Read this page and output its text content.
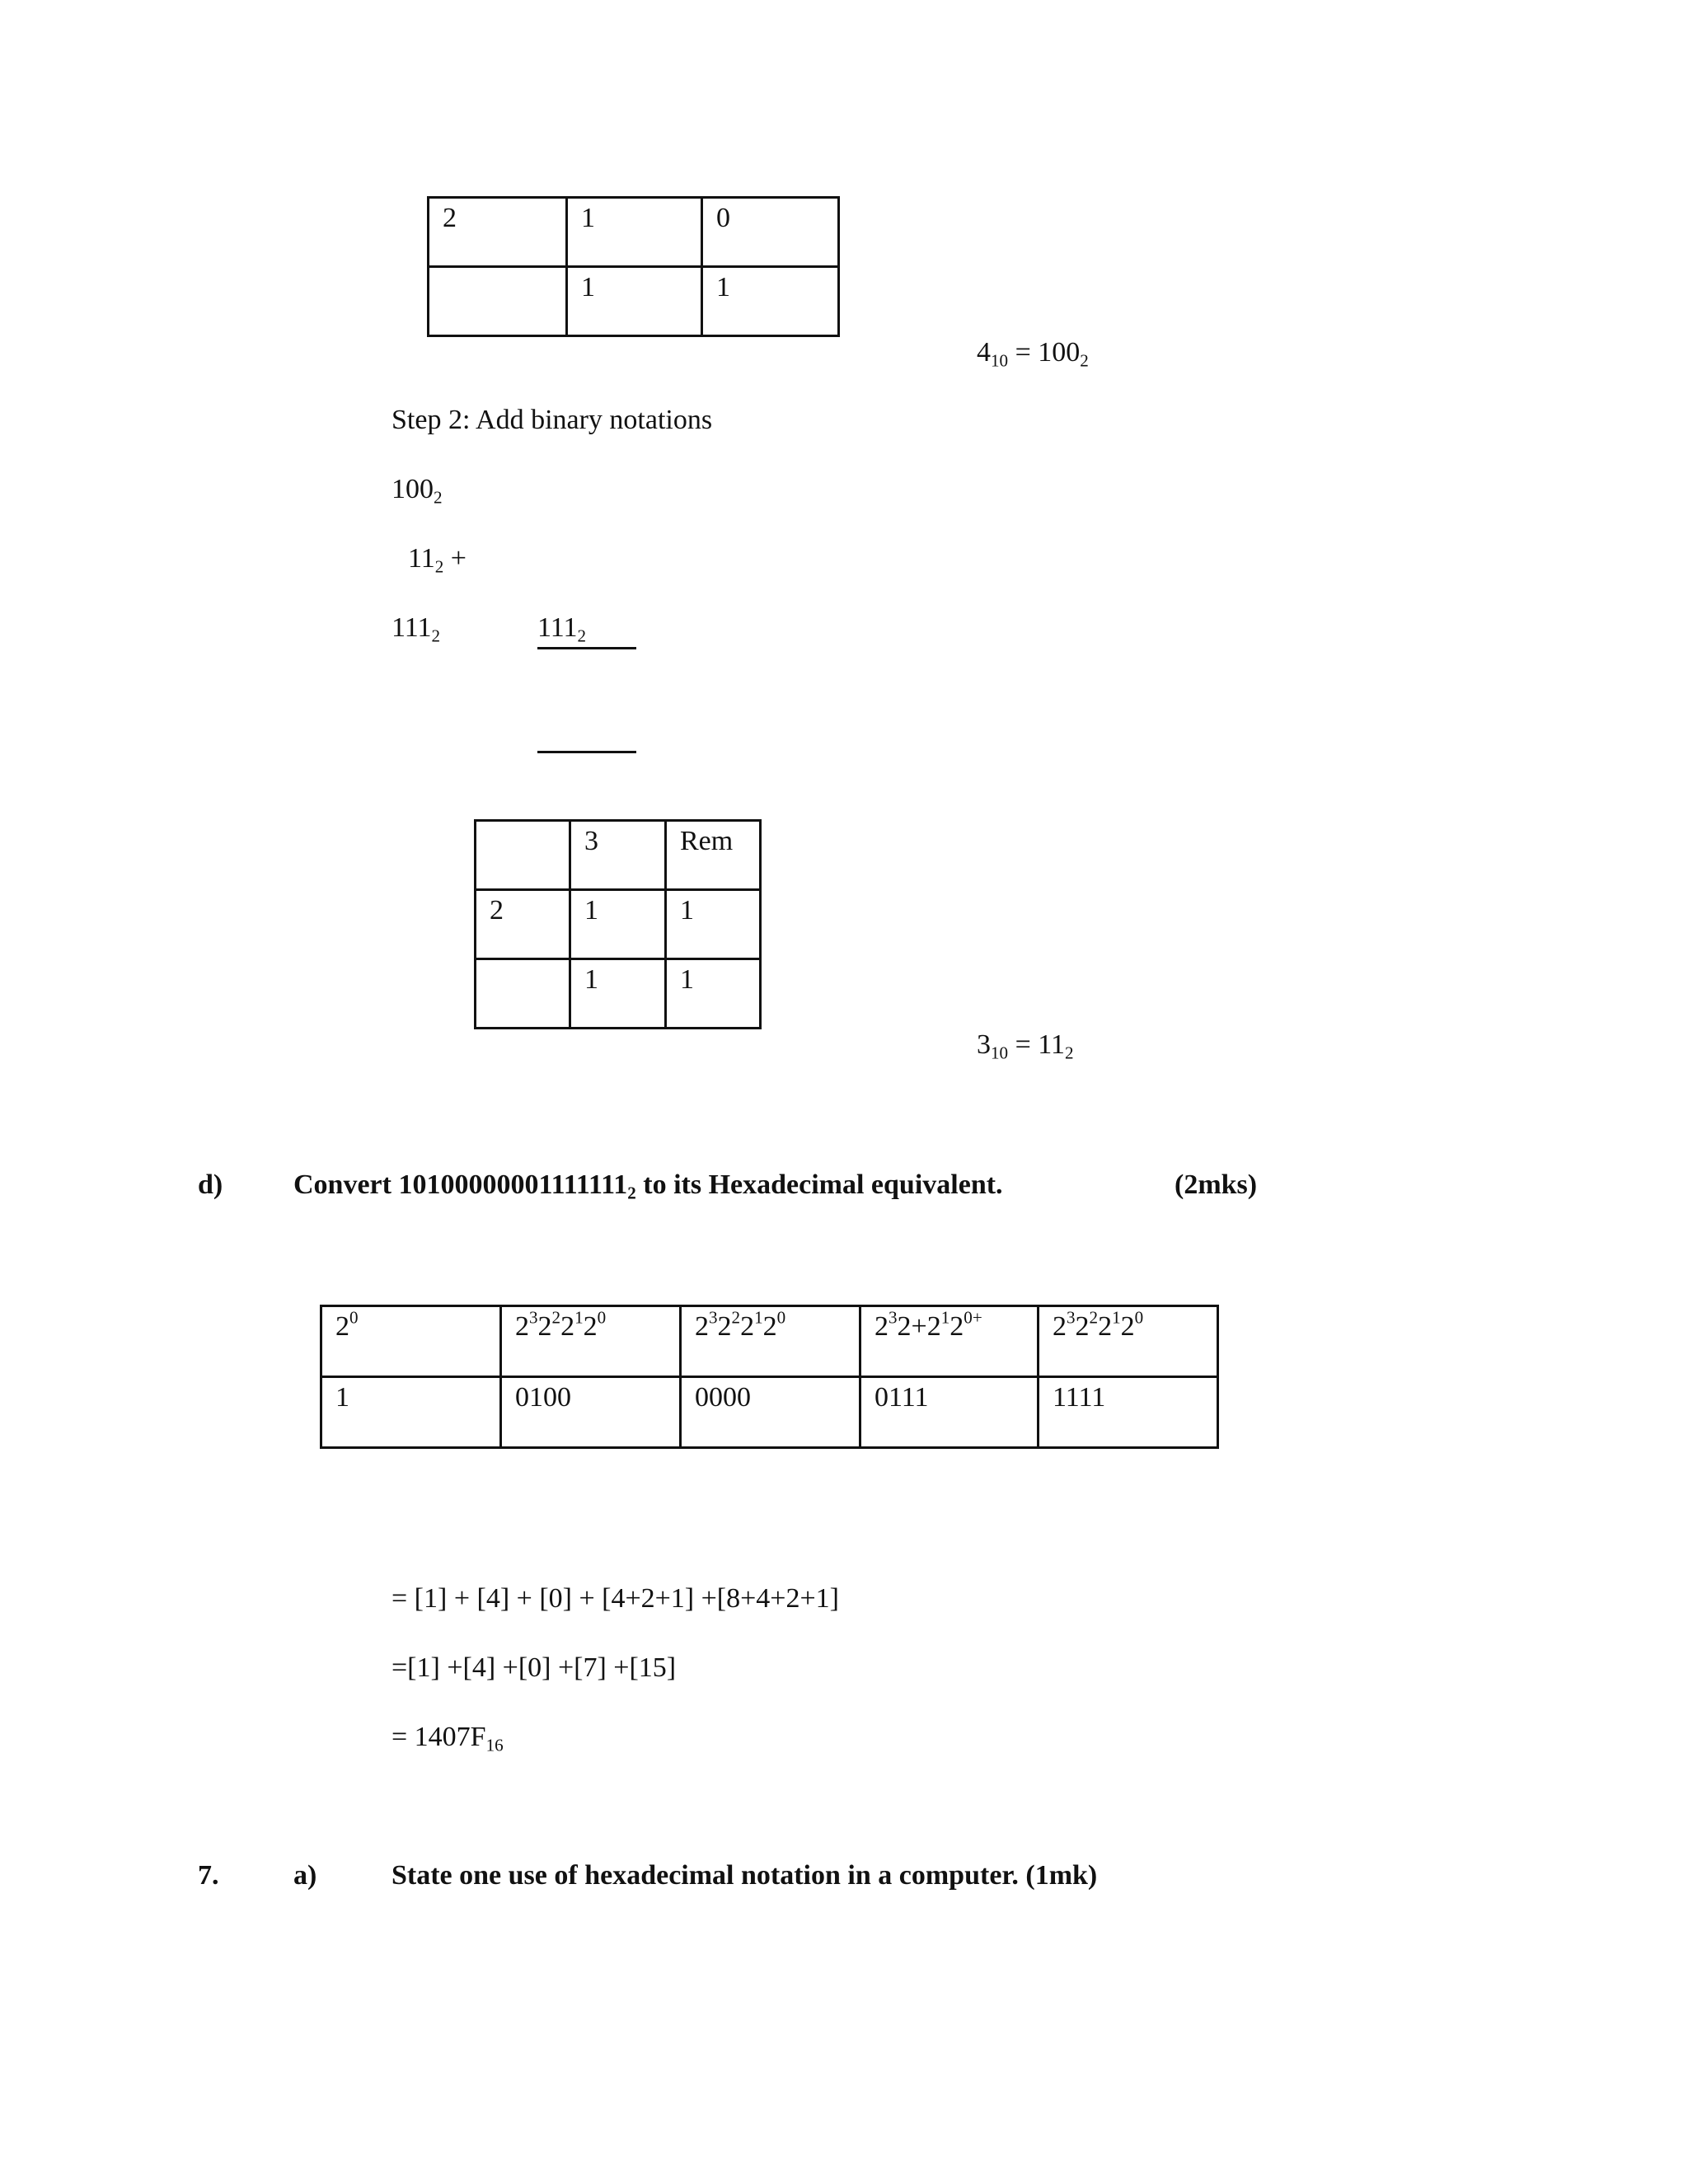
2	1	0
	1	1
$4_{10} = 100_2$
Step 2: Add binary notations
$100_2$
$11_2$ +
$111_2$	$111_2$
	3	Rem
2	1	1
	1	1
$3_{10} = 11_2$
d)	Convert $10100000001111111_2$ to its Hexadecimal equivalent.	(2mks)
$2^0$	$2^32^22^12^0$	$2^32^22^12^0$	$2^32+2^12^{0+}$	$2^32^22^12^0$
1	0100	0000	0111	1111
= [1] + [4] + [0] + [4+2+1] +[8+4+2+1]
=[1] +[4] +[0] +[7] +[15]
= $1407F_{16}$
7.	a)	State one use of hexadecimal notation in a computer. (1mk)
